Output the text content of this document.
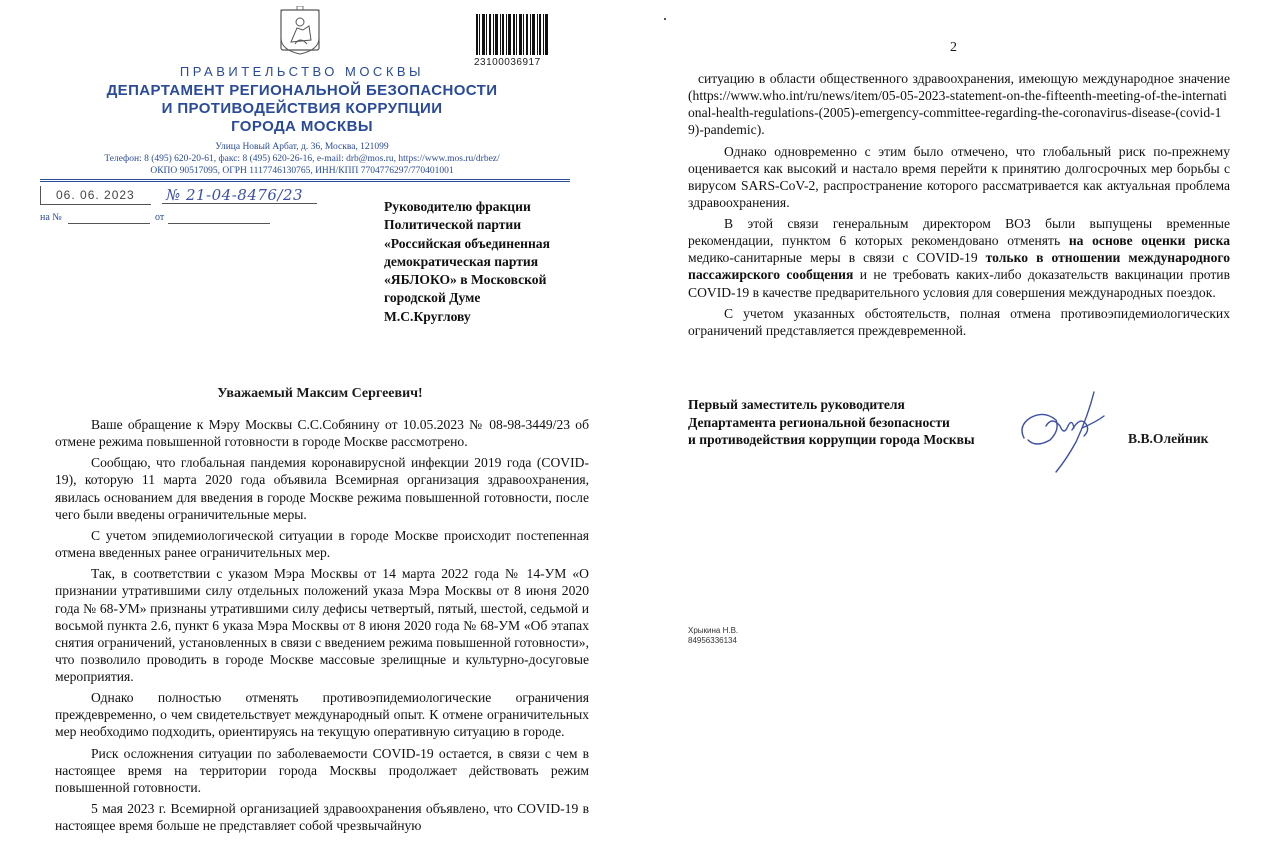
23100036917
ПРАВИТЕЛЬСТВО МОСКВЫ
ДЕПАРТАМЕНТ РЕГИОНАЛЬНОЙ БЕЗОПАСНОСТИ
И ПРОТИВОДЕЙСТВИЯ КОРРУПЦИИ
ГОРОДА МОСКВЫ
Улица Новый Арбат, д. 36, Москва, 121099
Телефон: 8 (495) 620-20-61, факс: 8 (495) 620-26-16, e-mail: drb@mos.ru, https://www.mos.ru/drbez/
ОКПО 90517095, ОГРН 1117746130765, ИНН/КПП 7704776297/770401001
06. 06. 2023 № 21-04-8476/23
на №	от
Руководителю фракции
Политической партии
«Российская объединенная
демократическая партия
«ЯБЛОКО» в Московской
городской Думе
М.С.Круглову
Уважаемый Максим Сергеевич!

Ваше обращение к Мэру Москвы С.С.Собянину от 10.05.2023 № 08-98-3449/23 об отмене режима повышенной готовности в городе Москве рассмотрено.

Сообщаю, что глобальная пандемия коронавирусной инфекции 2019 года (COVID-19), которую 11 марта 2020 года объявила Всемирная организация здравоохранения, явилась основанием для введения в городе Москве режима повышенной готовности, после чего были введены ограничительные меры.

С учетом эпидемиологической ситуации в городе Москве происходит постепенная отмена введенных ранее ограничительных мер.

Так, в соответствии с указом Мэра Москвы от 14 марта 2022 года № 14-УМ «О признании утратившими силу отдельных положений указа Мэра Москвы от 8 июня 2020 года № 68-УМ» признаны утратившими силу дефисы четвертый, пятый, шестой, седьмой и восьмой пункта 2.6, пункт 6 указа Мэра Москвы от 8 июня 2020 года № 68-УМ «Об этапах снятия ограничений, установленных в связи с введением режима повышенной готовности», что позволило проводить в городе Москве массовые зрелищные и культурно-досуговые мероприятия.

Однако полностью отменять противоэпидемиологические ограничения преждевременно, о чем свидетельствует международный опыт. К отмене ограничительных мер необходимо подходить, ориентируясь на текущую оперативную ситуацию в городе.

Риск осложнения ситуации по заболеваемости COVID-19 остается, в связи с чем в настоящее время на территории города Москвы продолжает действовать режим повышенной готовности.

5 мая 2023 г. Всемирной организацией здравоохранения объявлено, что COVID-19 в настоящее время больше не представляет собой чрезвычайную

2

ситуацию в области общественного здравоохранения, имеющую международное значение (https://www.who.int/ru/news/item/05-05-2023-statement-on-the-fifteenth-meeting-of-the-international-health-regulations-(2005)-emergency-committee-regarding-the-coronavirus-disease-(covid-19)-pandemic).

Однако одновременно с этим было отмечено, что глобальный риск по-прежнему оценивается как высокий и настало время перейти к принятию долгосрочных мер борьбы с вирусом SARS-CoV-2, распространение которого рассматривается как актуальная проблема здравоохранения.

В этой связи генеральным директором ВОЗ были выпущены временные рекомендации, пунктом 6 которых рекомендовано отменять на основе оценки риска медико-санитарные меры в связи с COVID-19 только в отношении международного пассажирского сообщения и не требовать каких-либо доказательств вакцинации против COVID-19 в качестве предварительного условия для совершения международных поездок.

С учетом указанных обстоятельств, полная отмена противоэпидемиологических ограничений представляется преждевременной.

Первый заместитель руководителя
Департамента региональной безопасности
и противодействия коррупции города Москвы	В.В.Олейник
Хрыкина Н.В.
84956336134
